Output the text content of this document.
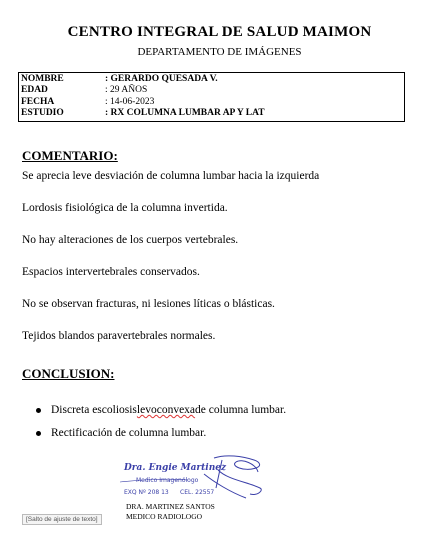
CENTRO INTEGRAL DE SALUD MAIMON
DEPARTAMENTO DE IMÁGENES
NOMBRE	: GERARDO QUESADA V.
EDAD	: 29 AÑOS
FECHA	: 14-06-2023
ESTUDIO	: RX COLUMNA LUMBAR AP Y LAT
COMENTARIO:
Se aprecia leve desviación de columna lumbar hacia la izquierda
Lordosis fisiológica de la columna invertida.
No hay alteraciones de los cuerpos vertebrales.
Espacios intervertebrales conservados.
No se observan fracturas, ni lesiones líticas o blásticas.
Tejidos blandos paravertebrales normales.
CONCLUSION:
Discreta escoliosis levoconvexa de columna lumbar.
Rectificación de columna lumbar.
Dra. Engie Martinez
Medico Imagenólogo
EXQ Nº 208 13 CEL. 22557
DRA. MARTINEZ SANTOS
MEDICO RADIOLOGO
[Salto de ajuste de texto]
